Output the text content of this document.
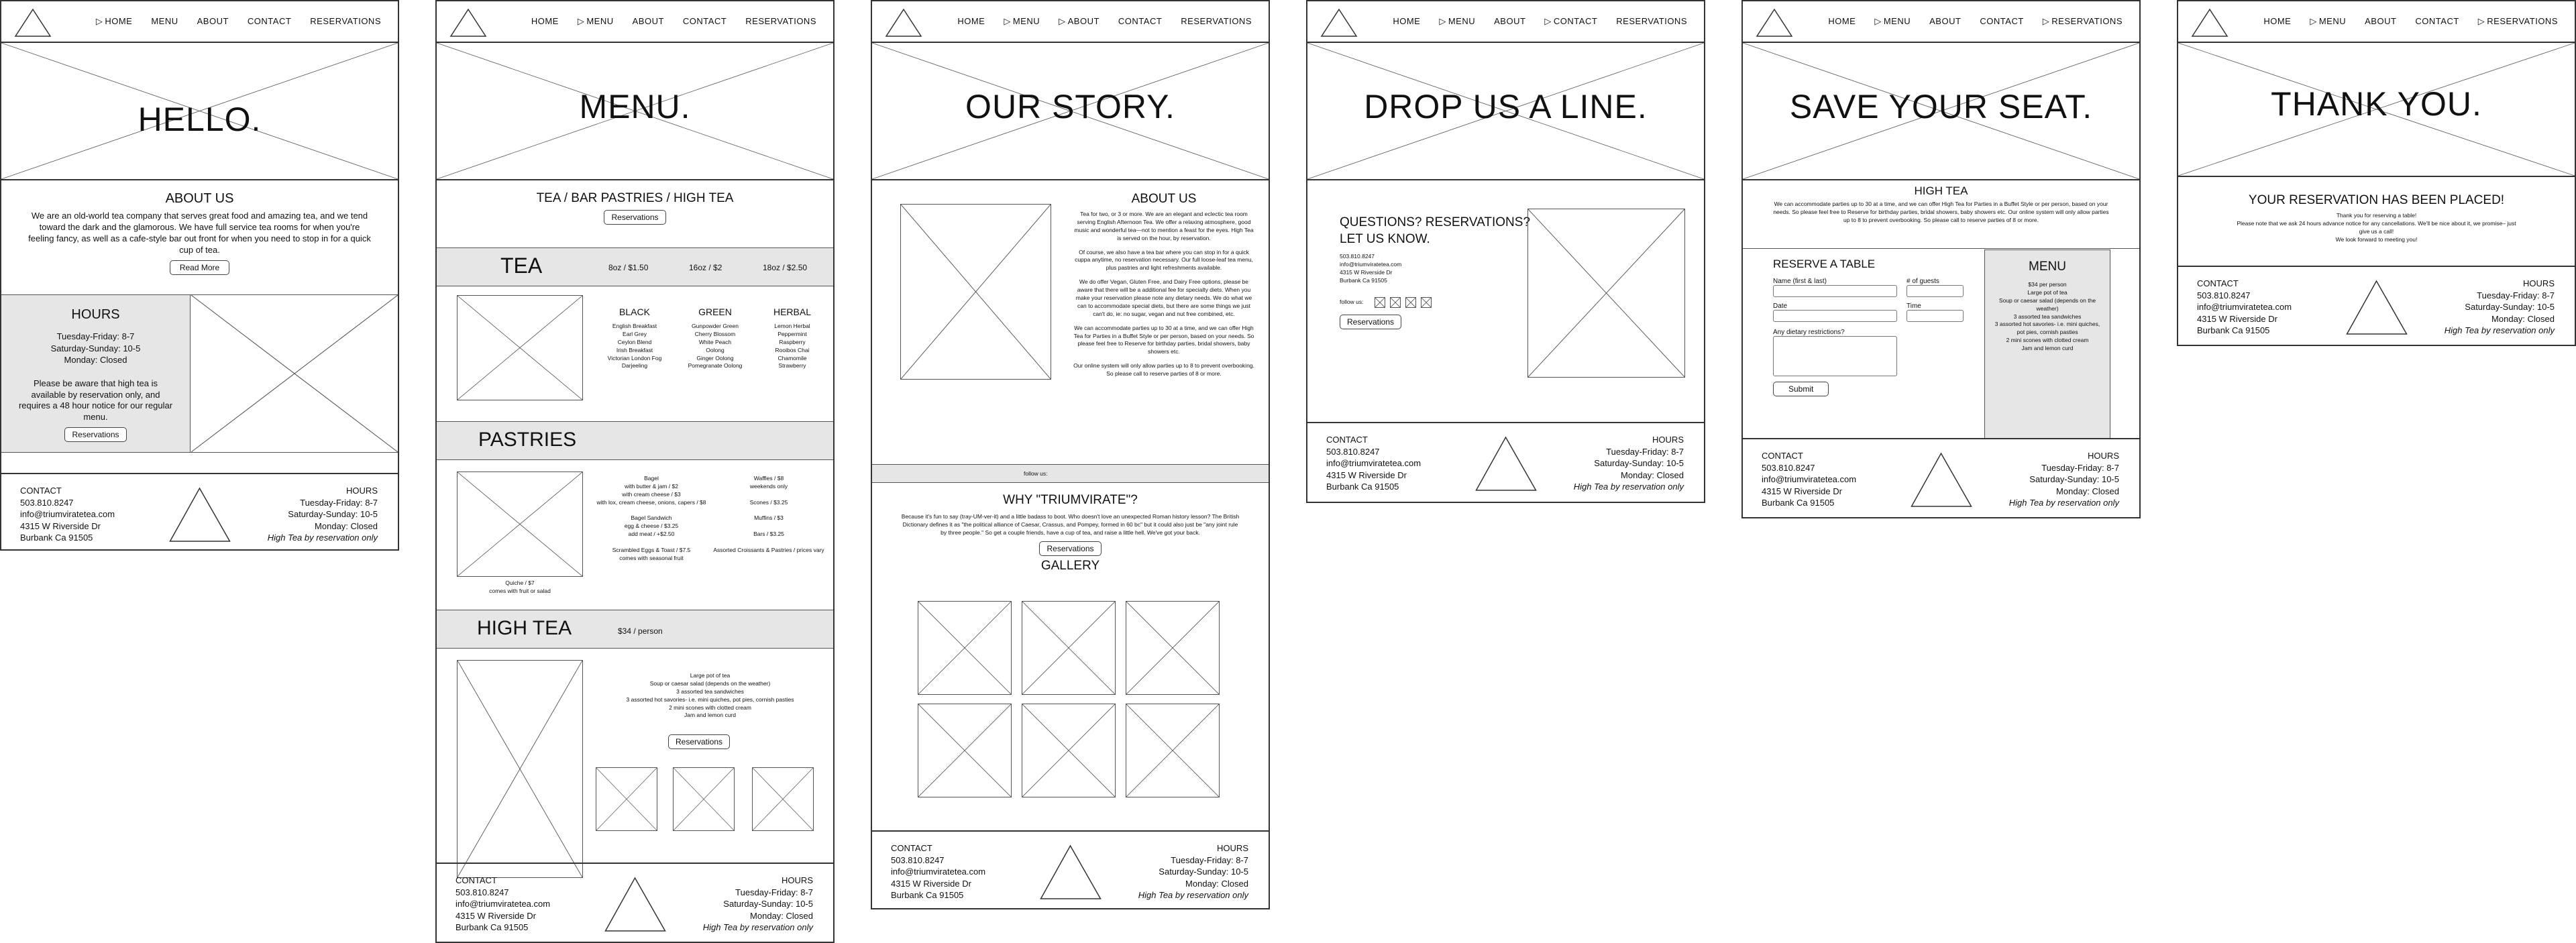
▷ HOME MENU ABOUT CONTACT RESERVATIONS
HELLO.
ABOUT US
We are an old-world tea company that serves great food and amazing tea, and we tend toward the dark and the glamorous. We have full service tea rooms for when you're feeling fancy, as well as a cafe-style bar out front for when you need to stop in for a quick cup of tea.
Read More
HOURS
Tuesday-Friday: 8-7
Saturday-Sunday: 10-5
Monday: Closed
Please be aware that high tea is available by reservation only, and requires a 48 hour notice for our regular menu.
Reservations
CONTACT
503.810.8247
info@triumviratetea.com
4315 W Riverside Dr
Burbank Ca 91505
HOURS
Tuesday-Friday: 8-7
Saturday-Sunday: 10-5
Monday: Closed
High Tea by reservation only
HOME ▷ MENU ABOUT CONTACT RESERVATIONS
MENU.
TEA / BAR PASTRIES / HIGH TEA
Reservations
TEA	8oz / $1.50	16oz / $2	18oz / $2.50
BLACK
English Breakfast
Earl Grey
Ceylon Blend
Irish Breakfast
Victorian London Fog
Darjeeling
GREEN
Gunpowder Green
Cherry Blossom
White Peach
Oolong
Ginger Oolong
Pomegranate Oolong
HERBAL
Lemon Herbal
Peppermint
Raspberry
Rooibos Chai
Chamomile
Strawberry
PASTRIES
Quiche / $7
comes with fruit or salad
Bagel
with butter & jam / $2
with cream cheese / $3
with lox, cream cheese, onions, capers / $8

Bagel Sandwich
egg & cheese / $3.25
add meat / +$2.50

Scrambled Eggs & Toast / $7.5
comes with seasonal fruit
Waffles / $8
weekends only

Scones / $3.25

Muffins / $3

Bars / $3.25

Assorted Croissants & Pastries / prices vary
HIGH TEA	$34 / person
Large pot of tea
Soup or caesar salad (depends on the weather)
3 assorted tea sandwiches
3 assorted hot savories- i.e. mini quiches, pot pies, cornish pasties
2 mini scones with clotted cream
Jam and lemon curd
Reservations
CONTACT
503.810.8247
info@triumviratetea.com
4315 W Riverside Dr
Burbank Ca 91505
HOURS
Tuesday-Friday: 8-7
Saturday-Sunday: 10-5
Monday: Closed
High Tea by reservation only
HOME ▷ MENU ▷ ABOUT CONTACT RESERVATIONS
OUR STORY.
ABOUT US
Tea for two, or 3 or more. We are an elegant and eclectic tea room serving English Afternoon Tea. We offer a relaxing atmosphere, good music and wonderful tea—not to mention a feast for the eyes. High Tea is served on the hour, by reservation.
Of course, we also have a tea bar where you can stop in for a quick cuppa anytime, no reservation necessary. Our full loose-leaf tea menu, plus pastries and light refreshments available.
We do offer Vegan, Gluten Free, and Dairy Free options, please be aware that there will be a additional fee for specialty diets. When you make your reservation please note any dietary needs. We do what we can to accommodate special diets, but there are some things we just can't do, ie: no sugar, vegan and nut free combined, etc.
We can accommodate parties up to 30 at a time, and we can offer High Tea for Parties in a Buffet Style or per person, based on your needs. So please feel free to Reserve for birthday parties, bridal showers, baby showers etc.
Our online system will only allow parties up to 8 to prevent overbooking. So please call to reserve parties of 8 or more.
follow us:
WHY "TRIUMVIRATE"?
Because it's fun to say (tray-UM-ver-it) and a little badass to boot. Who doesn't love an unexpected Roman history lesson? The British Dictionary defines it as "the political alliance of Caesar, Crassus, and Pompey, formed in 60 bc" but it could also just be "any joint rule by three people." So get a couple friends, have a cup of tea, and raise a little hell. We've got your back.
Reservations
GALLERY
CONTACT
503.810.8247
info@triumviratetea.com
4315 W Riverside Dr
Burbank Ca 91505
HOURS
Tuesday-Friday: 8-7
Saturday-Sunday: 10-5
Monday: Closed
High Tea by reservation only
HOME ▷ MENU ABOUT ▷ CONTACT RESERVATIONS
DROP US A LINE.
QUESTIONS? RESERVATIONS?
LET US KNOW.
503.810.8247
info@triumviratetea.com
4315 W Riverside Dr
Burbank Ca 91505
follow us:
Reservations
CONTACT
503.810.8247
info@triumviratetea.com
4315 W Riverside Dr
Burbank Ca 91505
HOURS
Tuesday-Friday: 8-7
Saturday-Sunday: 10-5
Monday: Closed
High Tea by reservation only
HOME ▷ MENU ABOUT CONTACT ▷ RESERVATIONS
SAVE YOUR SEAT.
HIGH TEA
We can accommodate parties up to 30 at a time, and we can offer High Tea for Parties in a Buffet Style or per person, based on your needs. So please feel free to Reserve for birthday parties, bridal showers, baby showers etc. Our online system will only allow parties up to 8 to prevent overbooking. So please call to reserve parties of 8 or more.
RESERVE A TABLE
Name (first & last)	# of guests
Date	Time
Any dietary restrictions?
Submit
MENU
$34 per person
Large pot of tea
Soup or caesar salad (depends on the weather)
3 assorted tea sandwiches
3 assorted hot savories- i.e. mini quiches, pot pies, cornish pasties
2 mini scones with clotted cream
Jam and lemon curd
CONTACT
503.810.8247
info@triumviratetea.com
4315 W Riverside Dr
Burbank Ca 91505
HOURS
Tuesday-Friday: 8-7
Saturday-Sunday: 10-5
Monday: Closed
High Tea by reservation only
HOME ▷ MENU ABOUT CONTACT ▷ RESERVATIONS
THANK YOU.
YOUR RESERVATION HAS BEEN PLACED!
Thank you for reserving a table!
Please note that we ask 24 hours advance notice for any cancellations. We'll be nice about it, we promise– just give us a call!
We look forward to meeting you!
CONTACT
503.810.8247
info@triumviratetea.com
4315 W Riverside Dr
Burbank Ca 91505
HOURS
Tuesday-Friday: 8-7
Saturday-Sunday: 10-5
Monday: Closed
High Tea by reservation only
